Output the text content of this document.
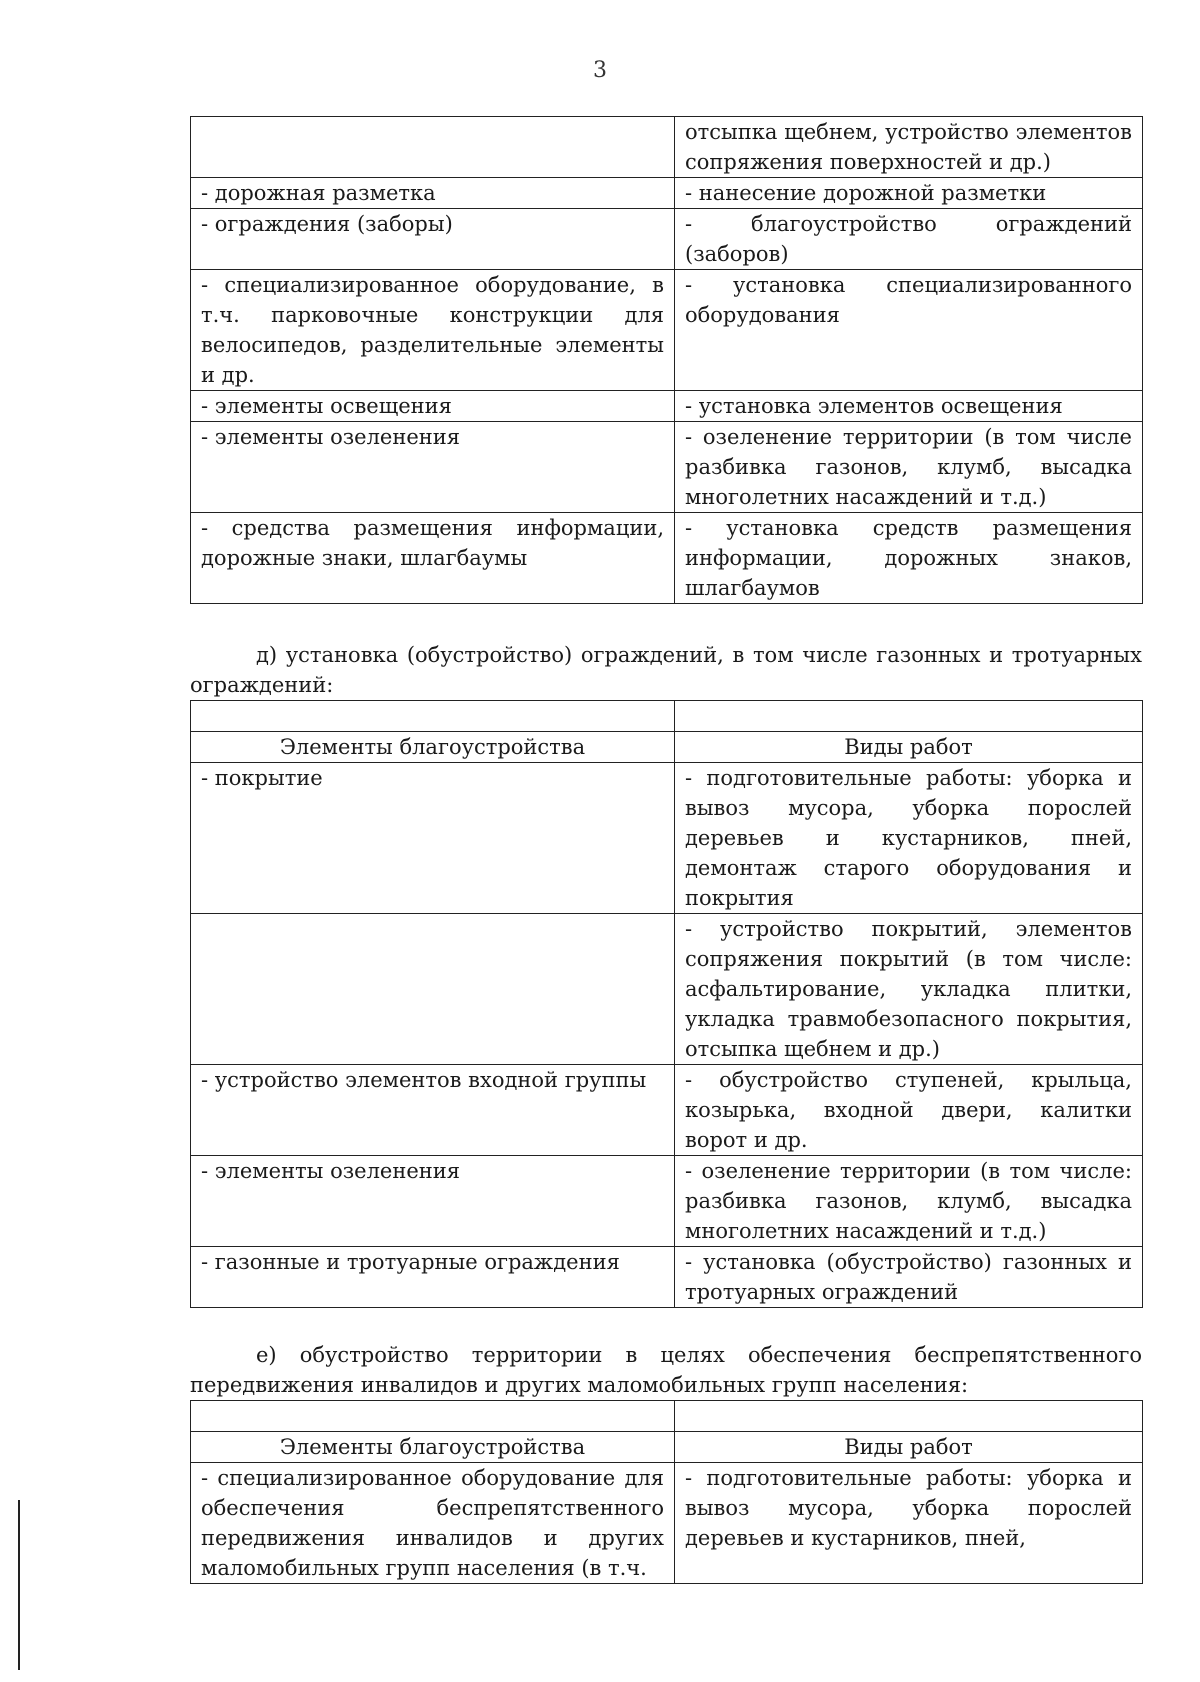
3
	отсыпка щебнем, устройство элементов сопряжения поверхностей и др.)
- дорожная разметка	- нанесение дорожной разметки
- ограждения (заборы)	- благоустройство ограждений (заборов)
- специализированное оборудование, в т.ч. парковочные конструкции для велосипедов, разделительные элементы и др.	- установка специализированного оборудования
- элементы освещения	- установка элементов освещения
- элементы озеленения	- озеленение территории (в том числе разбивка газонов, клумб, высадка многолетних насаждений и т.д.)
- средства размещения информации, дорожные знаки, шлагбаумы	- установка средств размещения информации, дорожных знаков, шлагбаумов
д) установка (обустройство) ограждений, в том числе газонных и тротуарных ограждений:

Элементы благоустройства	Виды работ
- покрытие	- подготовительные работы: уборка и вывоз мусора, уборка порослей деревьев и кустарников, пней, демонтаж старого оборудования и покрытия
	- устройство покрытий, элементов сопряжения покрытий (в том числе: асфальтирование, укладка плитки, укладка травмобезопасного покрытия, отсыпка щебнем и др.)
- устройство элементов входной группы	- обустройство ступеней, крыльца, козырька, входной двери, калитки ворот и др.
- элементы озеленения	- озеленение территории (в том числе: разбивка газонов, клумб, высадка многолетних насаждений и т.д.)
- газонные и тротуарные ограждения	- установка (обустройство) газонных и тротуарных ограждений
е) обустройство территории в целях обеспечения беспрепятственного передвижения инвалидов и других маломобильных групп населения:

Элементы благоустройства	Виды работ
- специализированное оборудование для обеспечения беспрепятственного передвижения инвалидов и других маломобильных групп населения (в т.ч.	- подготовительные работы: уборка и вывоз мусора, уборка порослей деревьев и кустарников, пней,
